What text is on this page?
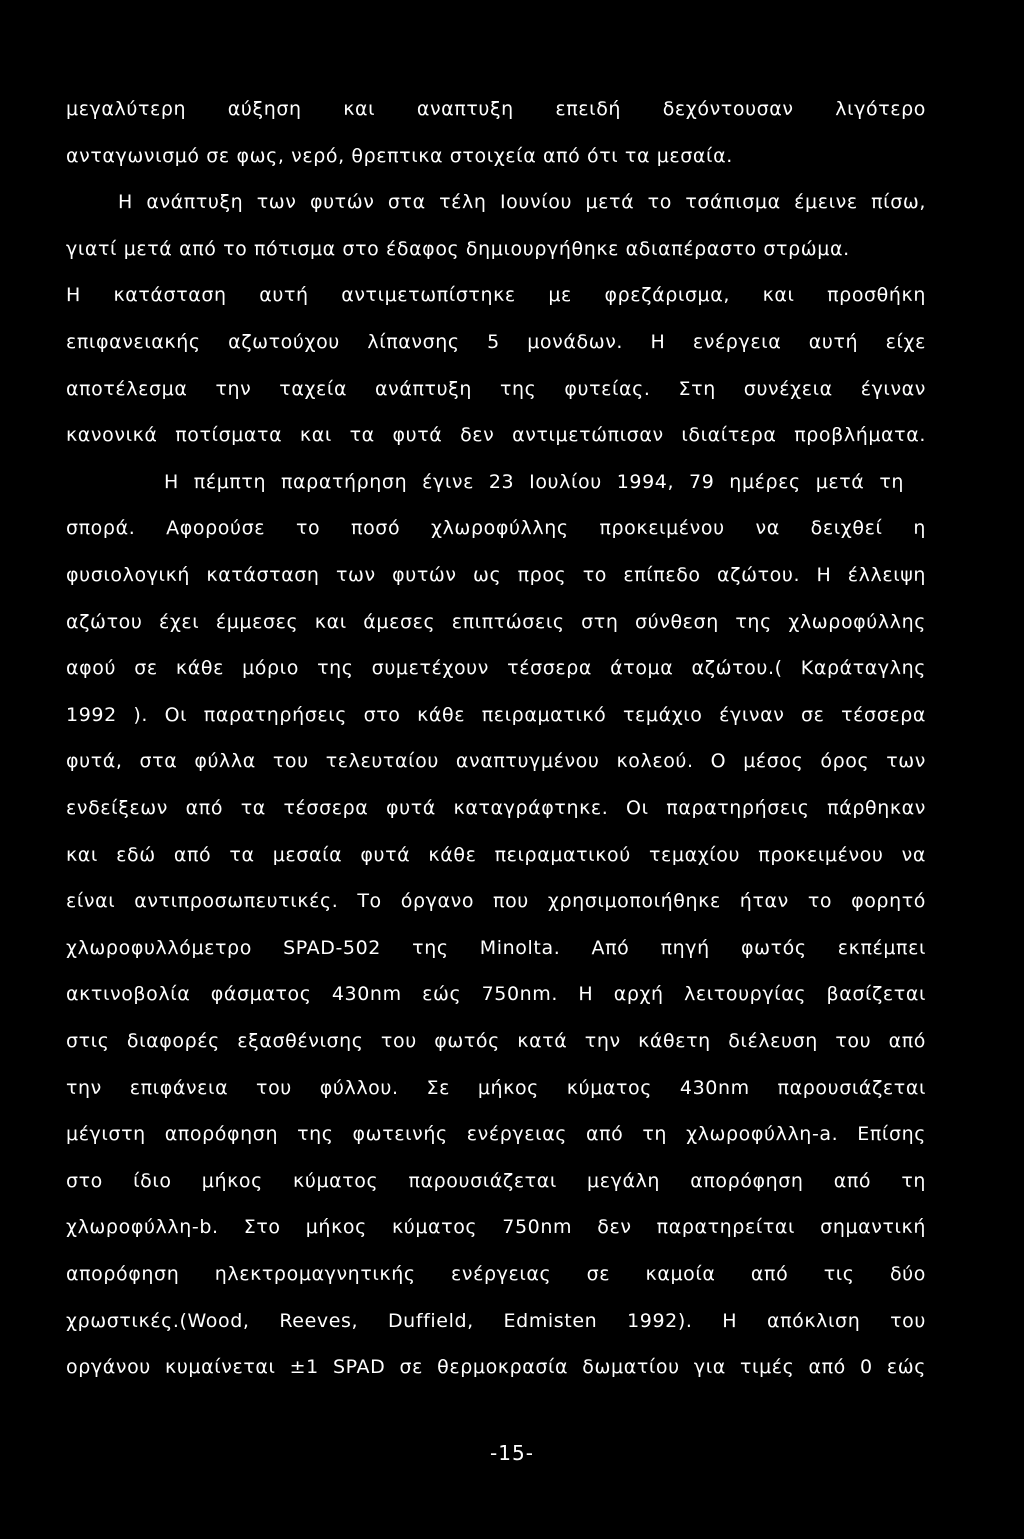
μεγαλύτερη αύξηση και αναπτυξη επειδή δεχόντουσαν λιγότερο
ανταγωνισμό σε φως, νερό, θρεπτικα στοιχεία από ότι τα μεσαία.
Η ανάπτυξη των φυτών στα τέλη Ιουνίου μετά το τσάπισμα έμεινε πίσω,
γιατί μετά από το πότισμα στο έδαφος δημιουργήθηκε αδιαπέραστο στρώμα.
Η κατάσταση αυτή αντιμετωπίστηκε με φρεζάρισμα, και προσθήκη
επιφανειακής αζωτούχου λίπανσης 5 μονάδων. Η ενέργεια αυτή είχε
αποτέλεσμα την ταχεία ανάπτυξη της φυτείας. Στη συνέχεια έγιναν
κανονικά ποτίσματα και τα φυτά δεν αντιμετώπισαν ιδιαίτερα προβλήματα.
Η πέμπτη παρατήρηση έγινε 23 Ιουλίου 1994, 79 ημέρες μετά τη
σπορά. Αφορούσε το ποσό χλωροφύλλης προκειμένου να δειχθεί η
φυσιολογική κατάσταση των φυτών ως προς το επίπεδο αζώτου. Η έλλειψη
αζώτου έχει έμμεσες και άμεσες επιπτώσεις στη σύνθεση της χλωροφύλλης
αφού σε κάθε μόριο της συμετέχουν τέσσερα άτομα αζώτου.( Καράταγλης
1992 ). Οι παρατηρήσεις στο κάθε πειραματικό τεμάχιο έγιναν σε τέσσερα
φυτά, στα φύλλα του τελευταίου αναπτυγμένου κολεού. Ο μέσος όρος των
ενδείξεων από τα τέσσερα φυτά καταγράφτηκε. Οι παρατηρήσεις πάρθηκαν
και εδώ από τα μεσαία φυτά κάθε πειραματικού τεμαχίου προκειμένου να
είναι αντιπροσωπευτικές. Το όργανο που χρησιμοποιήθηκε ήταν το φορητό
χλωροφυλλόμετρο SPAD-502 της Minolta. Από πηγή φωτός εκπέμπει
ακτινοβολία φάσματος 430nm εώς 750nm. Η αρχή λειτουργίας βασίζεται
στις διαφορές εξασθένισης του φωτός κατά την κάθετη διέλευση του από
την επιφάνεια του φύλλου. Σε μήκος κύματος 430nm παρουσιάζεται
μέγιστη απορόφηση της φωτεινής ενέργειας από τη χλωροφύλλη-a. Επίσης
στο ίδιο μήκος κύματος παρουσιάζεται μεγάλη απορόφηση από τη
χλωροφύλλη-b. Στο μήκος κύματος 750nm δεν παρατηρείται σημαντική
απορόφηση ηλεκτρομαγνητικής ενέργειας σε καμοία από τις δύο
χρωστικές.(Wood, Reeves, Duffield, Edmisten 1992). Η απόκλιση του
οργάνου κυμαίνεται ±1 SPAD σε θερμοκρασία δωματίου για τιμές από 0 εώς
-15-
